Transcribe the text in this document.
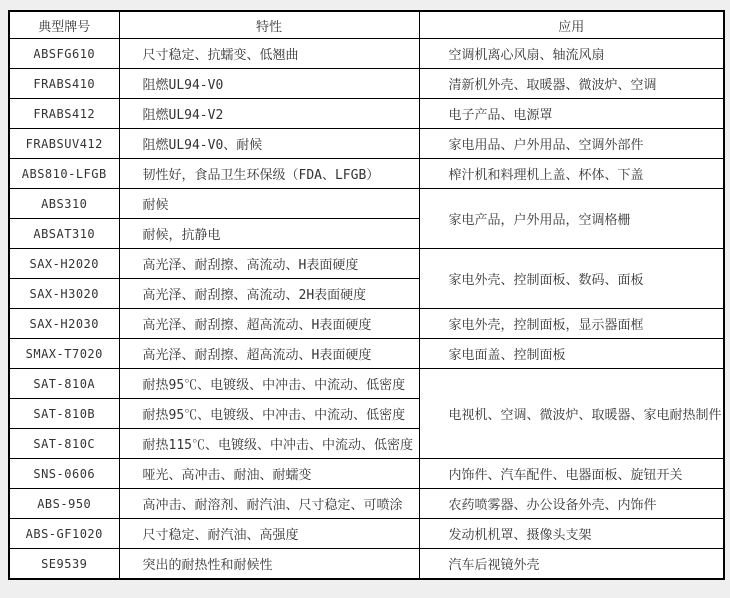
典型牌号	特性	应用
ABSFG610	尺寸稳定、抗蠕变、低翘曲	空调机离心风扇、轴流风扇
FRABS410	阻燃UL94-V0	清新机外壳、取暖器、微波炉、空调
FRABS412	阻燃UL94-V2	电子产品、电源罩
FRABSUV412	阻燃UL94-V0、耐候	家电用品、户外用品、空调外部件
ABS810-LFGB	韧性好，食品卫生环保级（FDA、LFGB）	榨汁机和料理机上盖、杯体、下盖
ABS310	耐候	家电产品，户外用品，空调格栅
ABSAT310	耐候，抗静电	
SAX-H2020	高光泽、耐刮擦、高流动、H表面硬度	家电外壳、控制面板、数码、面板
SAX-H3020	高光泽、耐刮擦、高流动、2H表面硬度	
SAX-H2030	高光泽、耐刮擦、超高流动、H表面硬度	家电外壳，控制面板，显示器面框
SMAX-T7020	高光泽、耐刮擦、超高流动、H表面硬度	家电面盖、控制面板
SAT-810A	耐热95℃、电镀级、中冲击、中流动、低密度	电视机、空调、微波炉、取暖器、家电耐热制件
SAT-810B	耐热95℃、电镀级、中冲击、中流动、低密度	
SAT-810C	耐热115℃、电镀级、中冲击、中流动、低密度	
SNS-0606	哑光、高冲击、耐油、耐蠕变	内饰件、汽车配件、电器面板、旋钮开关
ABS-950	高冲击、耐溶剂、耐汽油、尺寸稳定、可喷涂	农药喷雾器、办公设备外壳、内饰件
ABS-GF1020	尺寸稳定、耐汽油、高强度	发动机机罩、摄像头支架
SE9539	突出的耐热性和耐候性	汽车后视镜外壳
